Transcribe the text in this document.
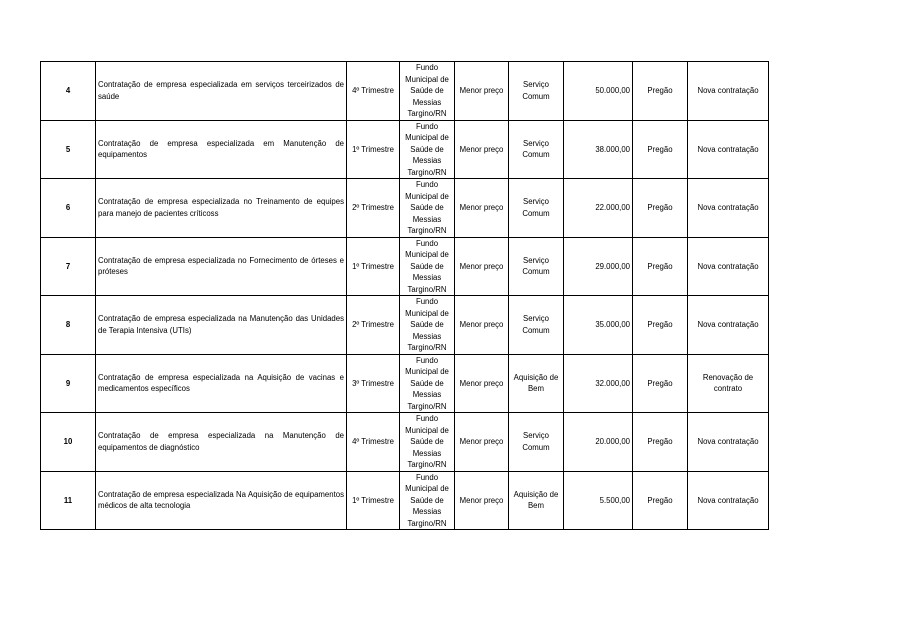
4	Contratação de empresa especializada em serviços terceirizados de saúde	4º Trimestre	Fundo Municipal de Saúde de Messias Targino/RN	Menor preço	Serviço Comum	50.000,00	Pregão	Nova contratação
5	Contratação de empresa especializada em Manutenção de equipamentos	1º Trimestre	Fundo Municipal de Saúde de Messias Targino/RN	Menor preço	Serviço Comum	38.000,00	Pregão	Nova contratação
6	Contratação de empresa especializada no Treinamento de equipes para manejo de pacientes críticoss	2º Trimestre	Fundo Municipal de Saúde de Messias Targino/RN	Menor preço	Serviço Comum	22.000,00	Pregão	Nova contratação
7	Contratação de empresa especializada no Fornecimento de órteses e próteses	1º Trimestre	Fundo Municipal de Saúde de Messias Targino/RN	Menor preço	Serviço Comum	29.000,00	Pregão	Nova contratação
8	Contratação de empresa especializada na Manutenção das Unidades de Terapia Intensiva (UTIs)	2º Trimestre	Fundo Municipal de Saúde de Messias Targino/RN	Menor preço	Serviço Comum	35.000,00	Pregão	Nova contratação
9	Contratação de empresa especializada na Aquisição de vacinas e medicamentos específicos	3º Trimestre	Fundo Municipal de Saúde de Messias Targino/RN	Menor preço	Aquisição de Bem	32.000,00	Pregão	Renovação de contrato
10	Contratação de empresa especializada na Manutenção de equipamentos de diagnóstico	4º Trimestre	Fundo Municipal de Saúde de Messias Targino/RN	Menor preço	Serviço Comum	20.000,00	Pregão	Nova contratação
11	Contratação de empresa especializada Na Aquisição de equipamentos médicos de alta tecnologia	1º Trimestre	Fundo Municipal de Saúde de Messias Targino/RN	Menor preço	Aquisição de Bem	5.500,00	Pregão	Nova contratação
